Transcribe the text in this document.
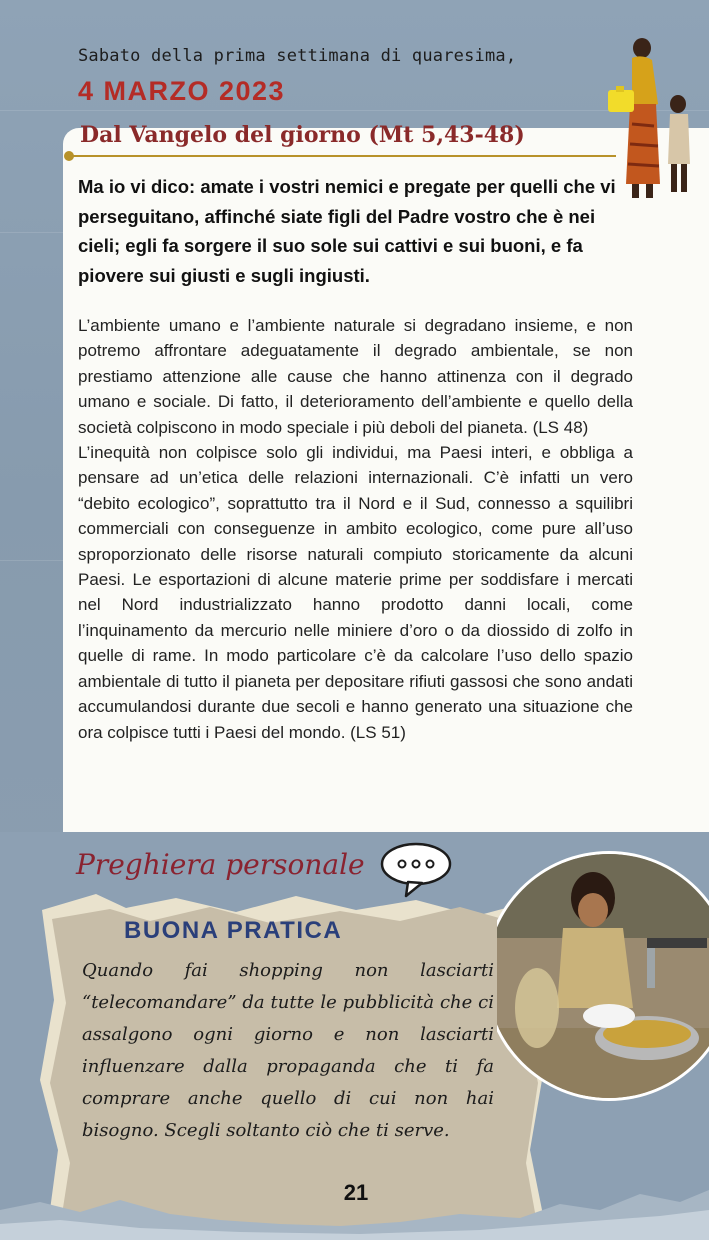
Sabato della prima settimana di quaresima,
4 MARZO 2023
Dal Vangelo del giorno (Mt 5,43-48)
Ma io vi dico: amate i vostri nemici e pregate per quelli che vi perseguitano, affinché siate figli del Padre vostro che è nei cieli; egli fa sorgere il suo sole sui cattivi e sui buoni, e fa piovere sui giusti e sugli ingiusti.

L’ambiente umano e l’ambiente naturale si degradano insieme, e non potremo affrontare adeguatamente il degrado ambientale, se non prestiamo attenzione alle cause che hanno attinenza con il degrado umano e sociale. Di fatto, il deterioramento dell’ambiente e quello della società colpiscono in modo speciale i più deboli del pianeta. (LS 48)

L’inequità non colpisce solo gli individui, ma Paesi interi, e obbliga a pensare ad un’etica delle relazioni internazionali. C’è infatti un vero “debito ecologico”, soprattutto tra il Nord e il Sud, connesso a squilibri commerciali con conseguenze in ambito ecologico, come pure all’uso sproporzionato delle risorse naturali compiuto storicamente da alcuni Paesi. Le esportazioni di alcune materie prime per soddisfare i mercati nel Nord industrializzato hanno prodotto danni locali, come l’inquinamento da mercurio nelle miniere d’oro o da diossido di zolfo in quelle di rame. In modo particolare c’è da calcolare l’uso dello spazio ambientale di tutto il pianeta per depositare rifiuti gassosi che sono andati accumulandosi durante due secoli e hanno generato una situazione che ora colpisce tutti i Paesi del mondo. (LS 51)

Preghiera personale
BUONA PRATICA
Quando fai shopping non lasciarti “telecomandare” da tutte le pubblicità che ci assalgono ogni giorno e non lasciarti influenzare dalla propaganda che ti fa comprare anche quello di cui non hai bisogno. Scegli soltanto ciò che ti serve.
21
